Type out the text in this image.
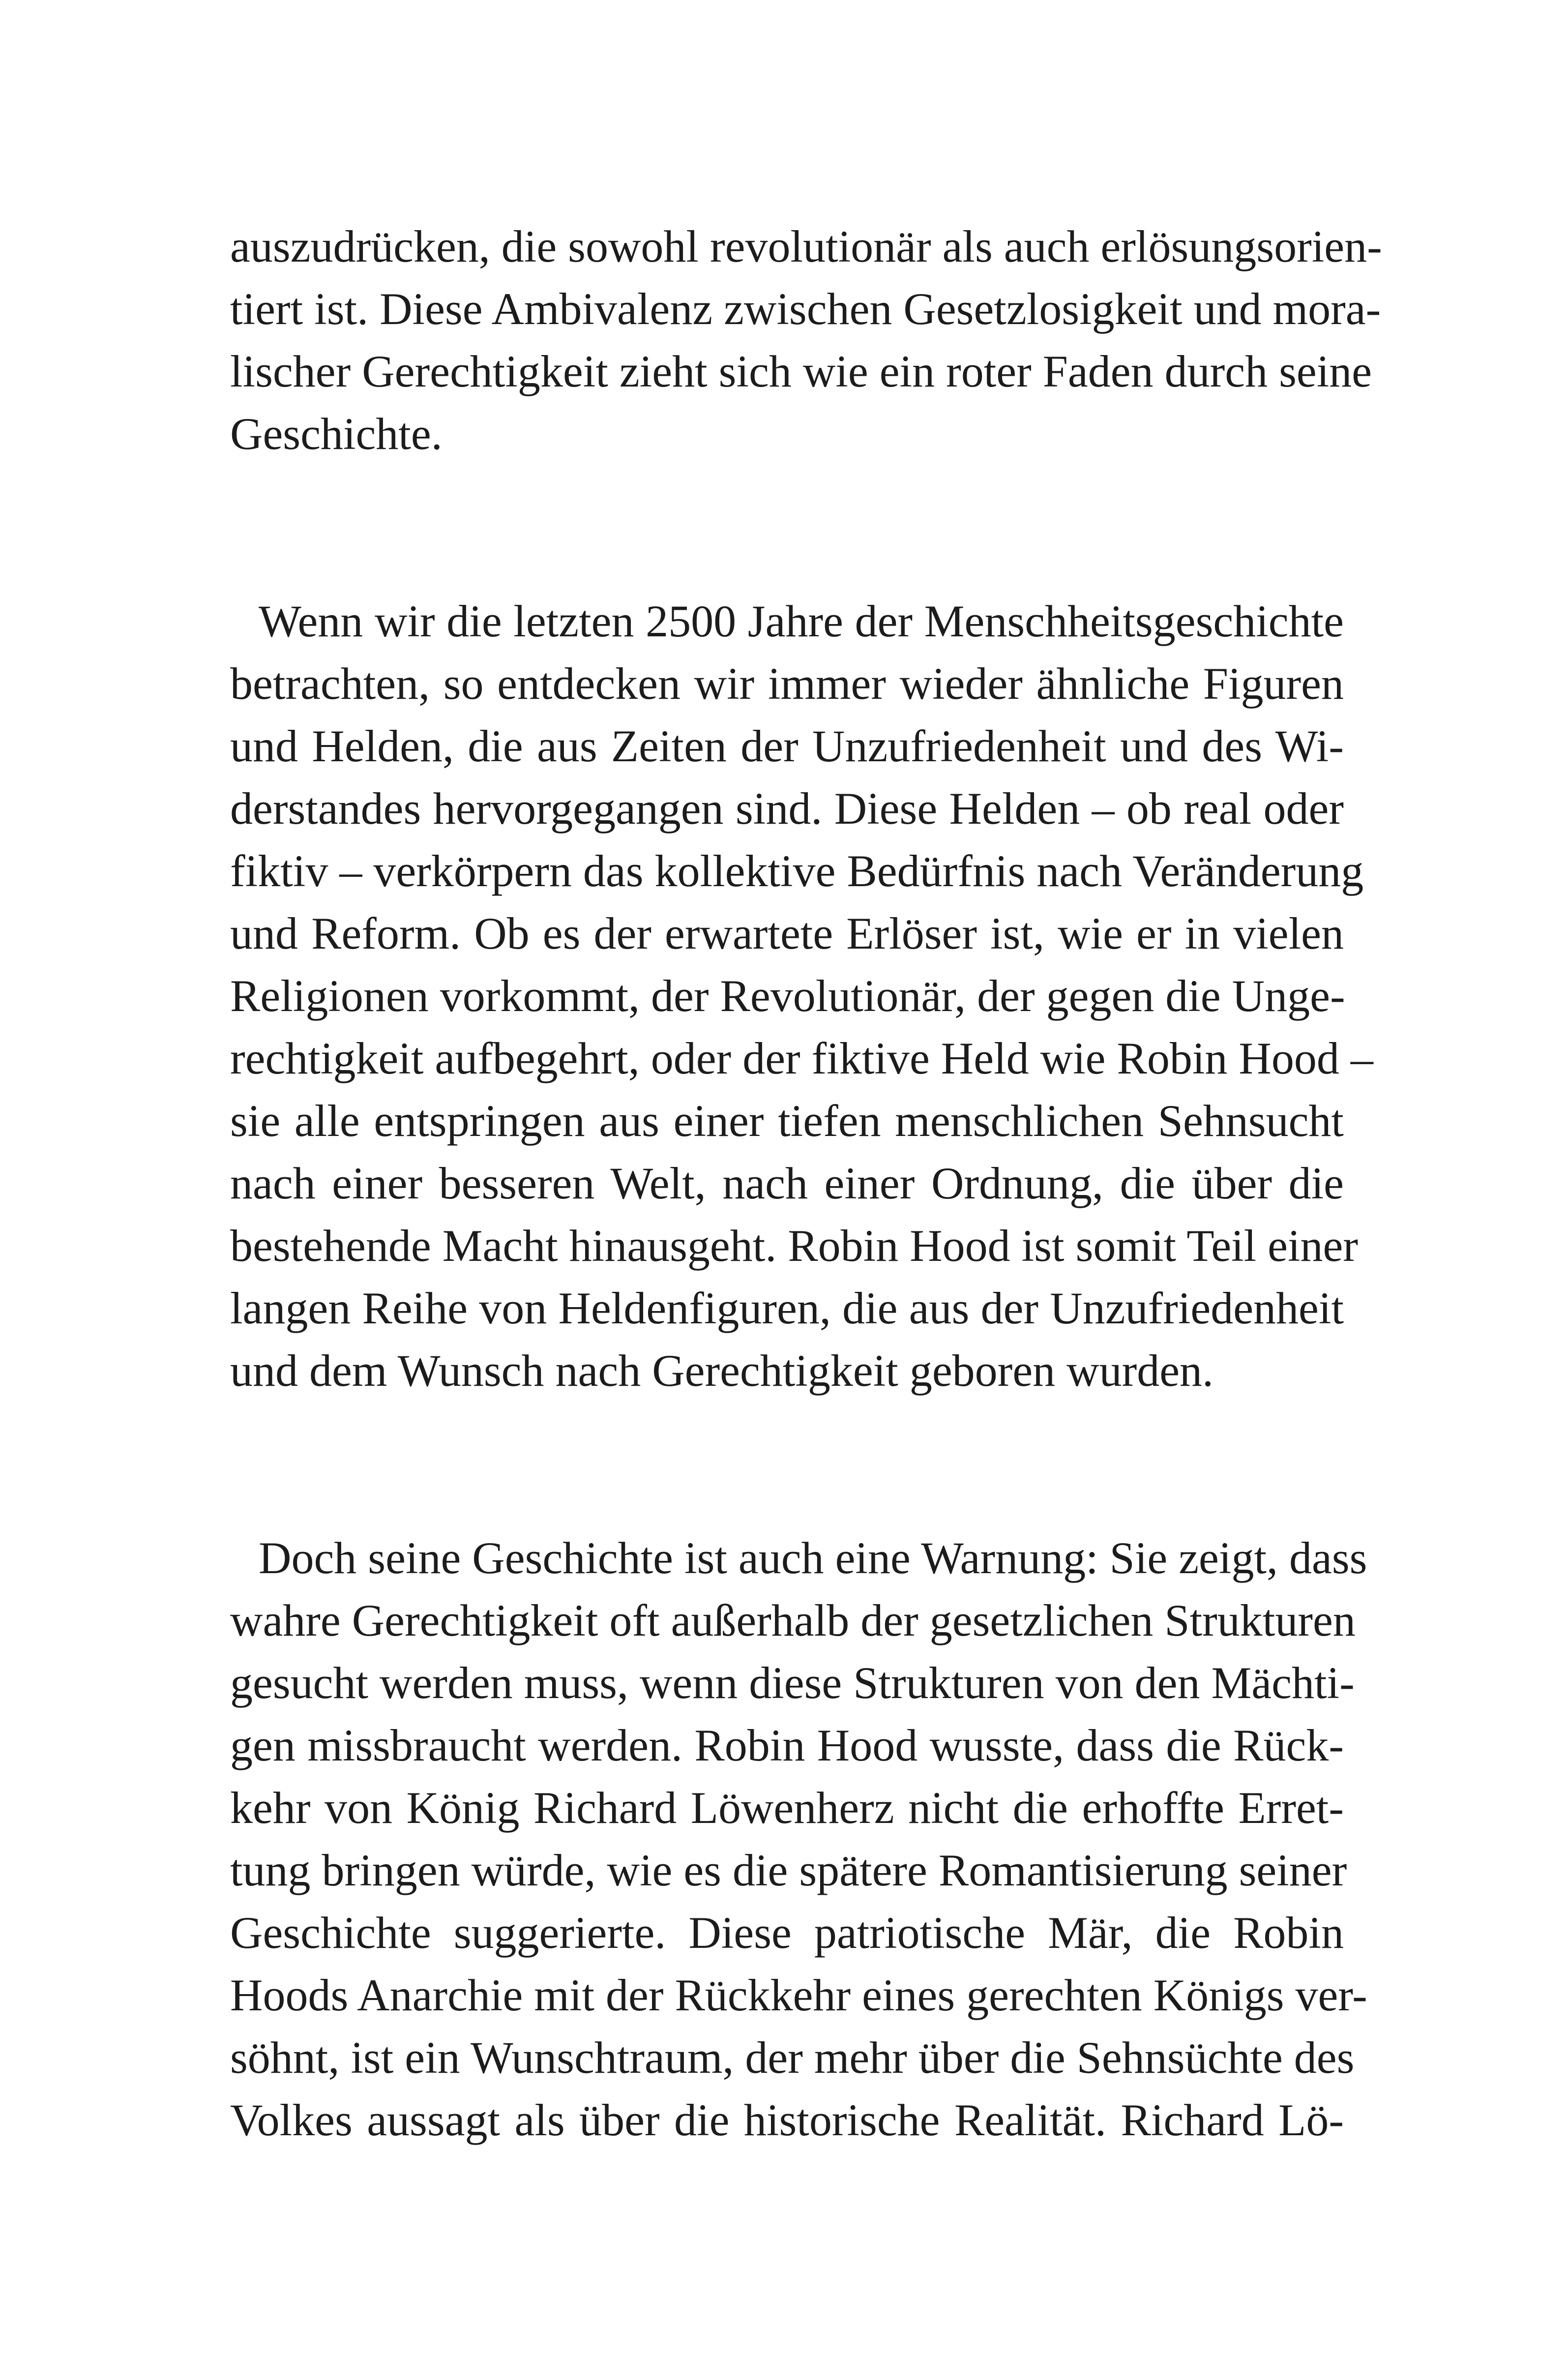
auszudrücken, die sowohl revolutionär als auch erlösungsorien-
tiert ist. Diese Ambivalenz zwischen Gesetzlosigkeit und mora-
lischer Gerechtigkeit zieht sich wie ein roter Faden durch seine
Geschichte.

Wenn wir die letzten 2500 Jahre der Menschheitsgeschichte
betrachten, so entdecken wir immer wieder ähnliche Figuren
und Helden, die aus Zeiten der Unzufriedenheit und des Wi-
derstandes hervorgegangen sind. Diese Helden – ob real oder
fiktiv – verkörpern das kollektive Bedürfnis nach Veränderung
und Reform. Ob es der erwartete Erlöser ist, wie er in vielen
Religionen vorkommt, der Revolutionär, der gegen die Unge-
rechtigkeit aufbegehrt, oder der fiktive Held wie Robin Hood –
sie alle entspringen aus einer tiefen menschlichen Sehnsucht
nach einer besseren Welt, nach einer Ordnung, die über die
bestehende Macht hinausgeht. Robin Hood ist somit Teil einer
langen Reihe von Heldenfiguren, die aus der Unzufriedenheit
und dem Wunsch nach Gerechtigkeit geboren wurden.

Doch seine Geschichte ist auch eine Warnung: Sie zeigt, dass
wahre Gerechtigkeit oft außerhalb der gesetzlichen Strukturen
gesucht werden muss, wenn diese Strukturen von den Mächti-
gen missbraucht werden. Robin Hood wusste, dass die Rück-
kehr von König Richard Löwenherz nicht die erhoffte Erret-
tung bringen würde, wie es die spätere Romantisierung seiner
Geschichte suggerierte. Diese patriotische Mär, die Robin
Hoods Anarchie mit der Rückkehr eines gerechten Königs ver-
söhnt, ist ein Wunschtraum, der mehr über die Sehnsüchte des
Volkes aussagt als über die historische Realität. Richard Lö-
